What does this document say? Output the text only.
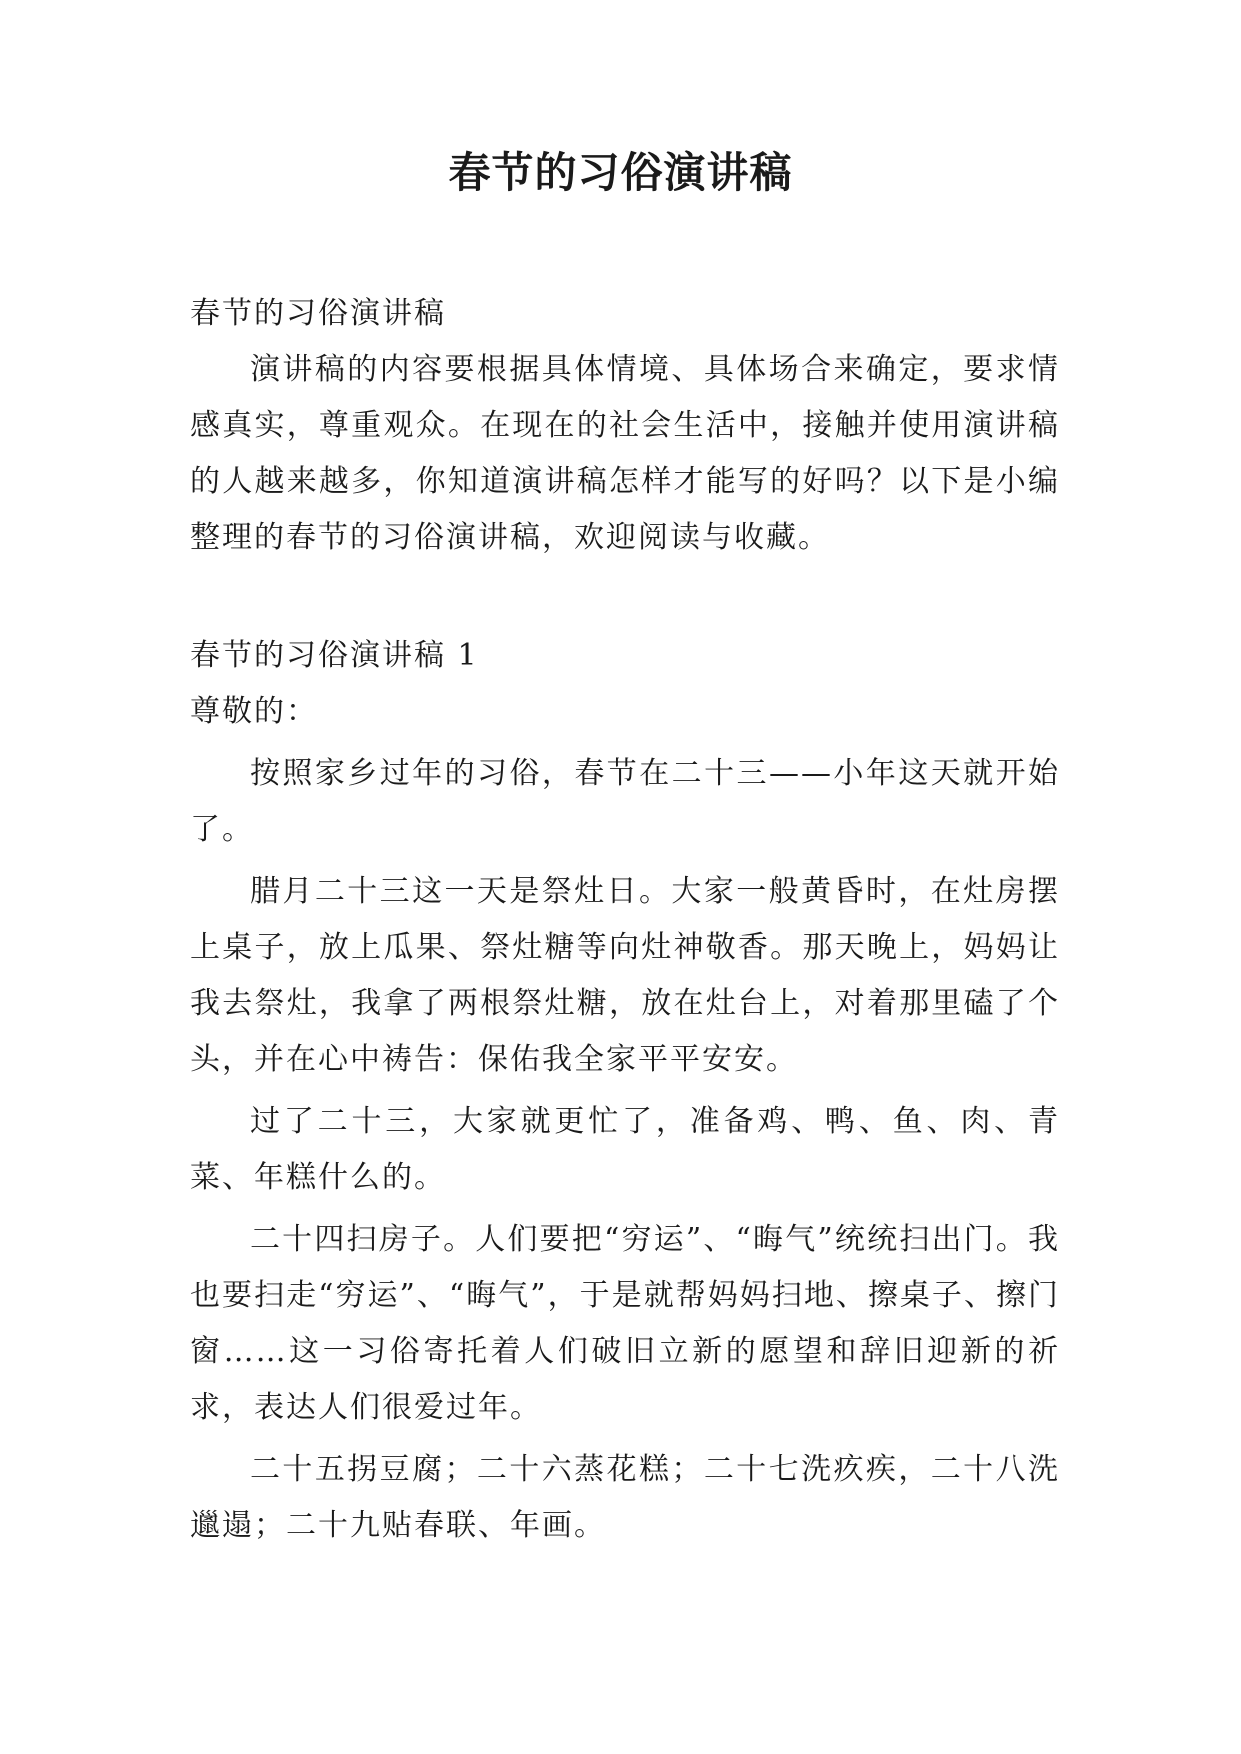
春节的习俗演讲稿

春节的习俗演讲稿

演讲稿的内容要根据具体情境、具体场合来确定，要求情感真实，尊重观众。在现在的社会生活中，接触并使用演讲稿的人越来越多，你知道演讲稿怎样才能写的好吗？以下是小编整理的春节的习俗演讲稿，欢迎阅读与收藏。

春节的习俗演讲稿 1

尊敬的：

按照家乡过年的习俗，春节在二十三——小年这天就开始了。

腊月二十三这一天是祭灶日。大家一般黄昏时，在灶房摆上桌子，放上瓜果、祭灶糖等向灶神敬香。那天晚上，妈妈让我去祭灶，我拿了两根祭灶糖，放在灶台上，对着那里磕了个头，并在心中祷告：保佑我全家平平安安。

过了二十三，大家就更忙了，准备鸡、鸭、鱼、肉、青菜、年糕什么的。

二十四扫房子。人们要把“穷运”、“晦气”统统扫出门。我也要扫走“穷运”、“晦气”，于是就帮妈妈扫地、擦桌子、擦门窗……这一习俗寄托着人们破旧立新的愿望和辞旧迎新的祈求，表达人们很爱过年。

二十五拐豆腐；二十六蒸花糕；二十七洗疚疾，二十八洗邋遢；二十九贴春联、年画。
